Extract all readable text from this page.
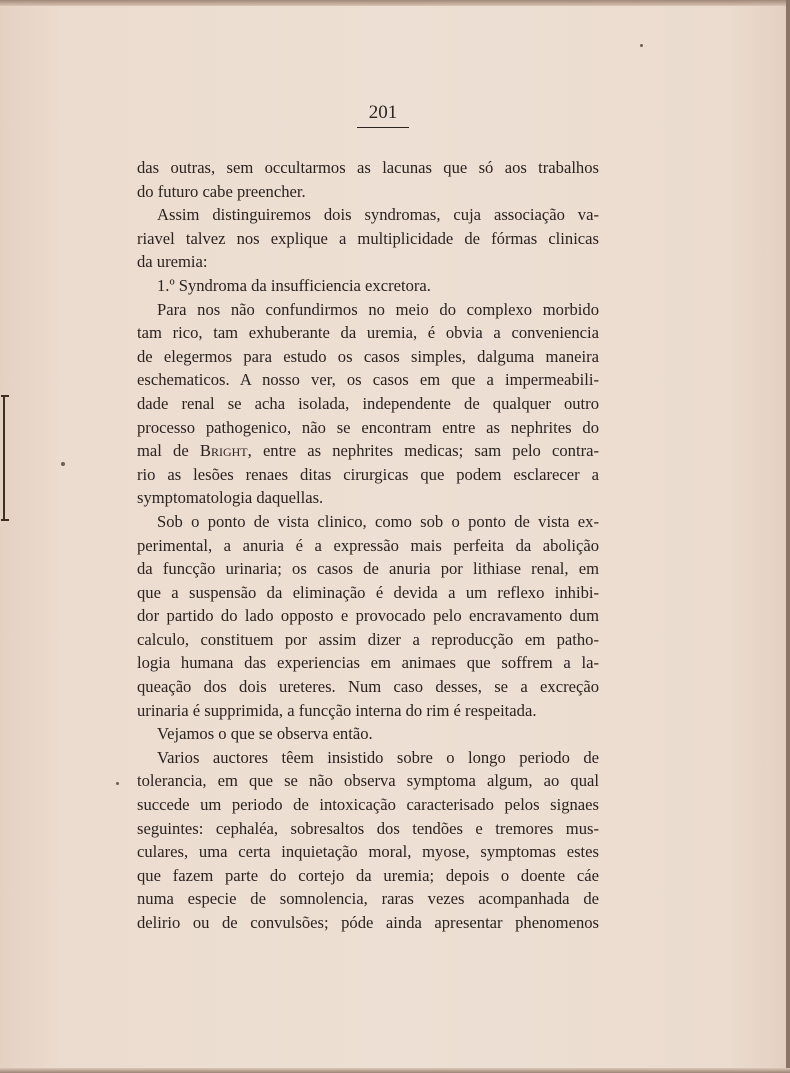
201
das outras, sem occultarmos as lacunas que só aos trabalhos
do futuro cabe preencher.
Assim distinguiremos dois syndromas, cuja associação va-
riavel talvez nos explique a multiplicidade de fórmas clinicas
da uremia:
1.º Syndroma da insufficiencia excretora.
Para nos não confundirmos no meio do complexo morbido
tam rico, tam exhuberante da uremia, é obvia a conveniencia
de elegermos para estudo os casos simples, dalguma maneira
eschematicos. A nosso ver, os casos em que a impermeabili-
dade renal se acha isolada, independente de qualquer outro
processo pathogenico, não se encontram entre as nephrites do
mal de Bright, entre as nephrites medicas; sam pelo contra-
rio as lesões renaes ditas cirurgicas que podem esclarecer a
symptomatologia daquellas.
Sob o ponto de vista clinico, como sob o ponto de vista ex-
perimental, a anuria é a expressão mais perfeita da abolição
da funcção urinaria; os casos de anuria por lithiase renal, em
que a suspensão da eliminação é devida a um reflexo inhibi-
dor partido do lado opposto e provocado pelo encravamento dum
calculo, constituem por assim dizer a reproducção em patho-
logia humana das experiencias em animaes que soffrem a la-
queação dos dois ureteres. Num caso desses, se a excreção
urinaria é supprimida, a funcção interna do rim é respeitada.
Vejamos o que se observa então.
Varios auctores têem insistido sobre o longo periodo de
tolerancia, em que se não observa symptoma algum, ao qual
succede um periodo de intoxicação caracterisado pelos signaes
seguintes: cephaléa, sobresaltos dos tendões e tremores mus-
culares, uma certa inquietação moral, myose, symptomas estes
que fazem parte do cortejo da uremia; depois o doente cáe
numa especie de somnolencia, raras vezes acompanhada de
delirio ou de convulsões; póde ainda apresentar phenomenos
